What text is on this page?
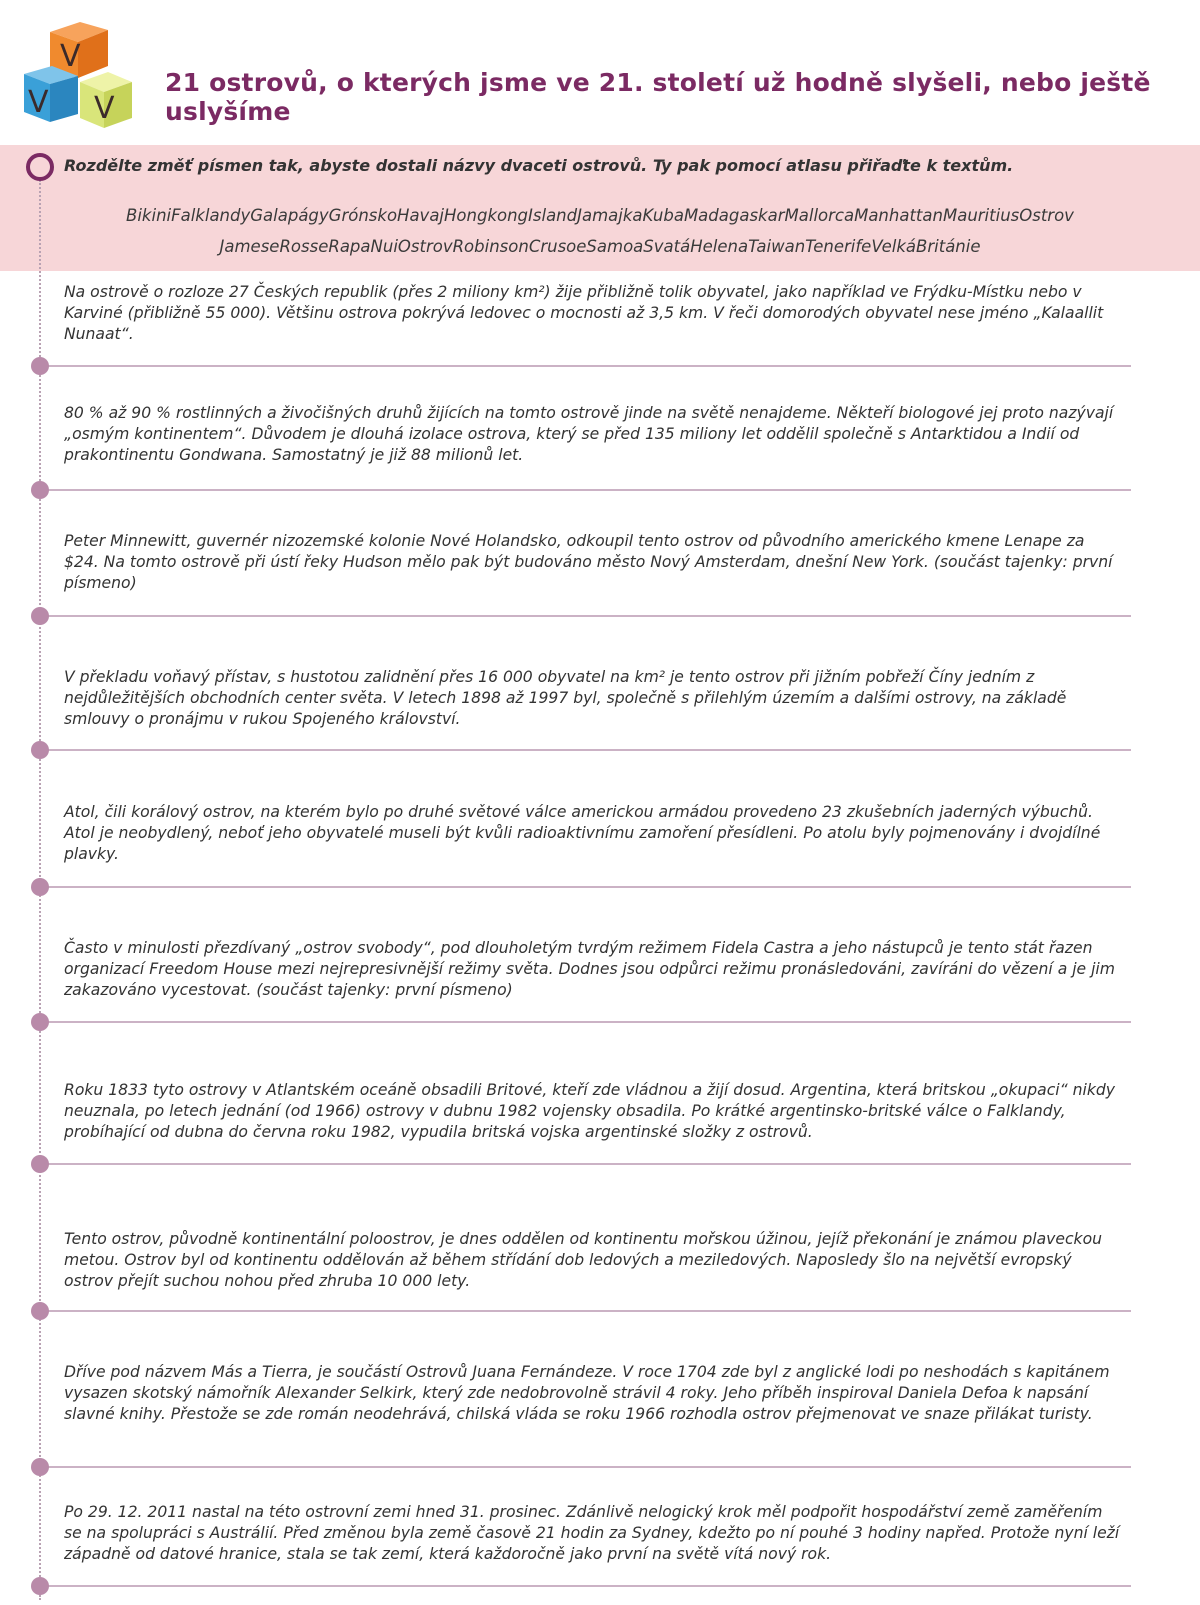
V
V V
21 ostrovů, o kterých jsme ve 21. století už hodně slyšeli, nebo ještě uslyšíme

Rozdělte změť písmen tak, abyste dostali názvy dvaceti ostrovů. Ty pak pomocí atlasu přiřaďte k textům.

BikiniFalklandyGalapágyGrónskoHavajHongkongIslandJamajkaKubaMadagaskarMallorcaManhattanMauritiusOstrov
JameseRosseRapaNuiOstrovRobinsonCrusoeSamoaSvatáHelenaTaiwanTenerifeVelkáBritánie

Na ostrově o rozloze 27 Českých republik (přes 2 miliony km²) žije přibližně tolik obyvatel, jako například ve Frýdku-Místku nebo v Karviné (přibližně 55 000). Většinu ostrova pokrývá ledovec o mocnosti až 3,5 km. V řeči domorodých obyvatel nese jméno „Kalaallit Nunaat“.

80 % až 90 % rostlinných a živočišných druhů žijících na tomto ostrově jinde na světě nenajdeme. Někteří biologové jej proto nazývají „osmým kontinentem“. Důvodem je dlouhá izolace ostrova, který se před 135 miliony let oddělil společně s Antarktidou a Indií od prakontinentu Gondwana. Samostatný je již 88 milionů let.

Peter Minnewitt, guvernér nizozemské kolonie Nové Holandsko, odkoupil tento ostrov od původního amerického kmene Lenape za $24. Na tomto ostrově při ústí řeky Hudson mělo pak být budováno město Nový Amsterdam, dnešní New York. (součást tajenky: první písmeno)

V překladu voňavý přístav, s hustotou zalidnění přes 16 000 obyvatel na km² je tento ostrov při jižním pobřeží Číny jedním z nejdůležitějších obchodních center světa. V letech 1898 až 1997 byl, společně s přilehlým územím a dalšími ostrovy, na základě smlouvy o pronájmu v rukou Spojeného království.

Atol, čili korálový ostrov, na kterém bylo po druhé světové válce americkou armádou provedeno 23 zkušebních jaderných výbuchů. Atol je neobydlený, neboť jeho obyvatelé museli být kvůli radioaktivnímu zamoření přesídleni. Po atolu byly pojmenovány i dvojdílné plavky.

Často v minulosti přezdívaný „ostrov svobody“, pod dlouholetým tvrdým režimem Fidela Castra a jeho nástupců je tento stát řazen organizací Freedom House mezi nejrepresivnější režimy světa. Dodnes jsou odpůrci režimu pronásledováni, zavíráni do vězení a je jim zakazováno vycestovat. (součást tajenky: první písmeno)

Roku 1833 tyto ostrovy v Atlantském oceáně obsadili Britové, kteří zde vládnou a žijí dosud. Argentina, která britskou „okupaci“ nikdy neuznala, po letech jednání (od 1966) ostrovy v dubnu 1982 vojensky obsadila. Po krátké argentinsko-britské válce o Falklandy, probíhající od dubna do června roku 1982, vypudila britská vojska argentinské složky z ostrovů.

Tento ostrov, původně kontinentální poloostrov, je dnes oddělen od kontinentu mořskou úžinou, jejíž překonání je známou plaveckou metou. Ostrov byl od kontinentu oddělován až během střídání dob ledových a meziledových. Naposledy šlo na největší evropský ostrov přejít suchou nohou před zhruba 10 000 lety.

Dříve pod názvem Más a Tierra, je součástí Ostrovů Juana Fernándeze. V roce 1704 zde byl z anglické lodi po neshodách s kapitánem vysazen skotský námořník Alexander Selkirk, který zde nedobrovolně strávil 4 roky. Jeho příběh inspiroval Daniela Defoa k napsání slavné knihy. Přestože se zde román neodehrává, chilská vláda se roku 1966 rozhodla ostrov přejmenovat ve snaze přilákat turisty.

Po 29. 12. 2011 nastal na této ostrovní zemi hned 31. prosinec. Zdánlivě nelogický krok měl podpořit hospodářství země zaměřením se na spolupráci s Austrálií. Před změnou byla země časově 21 hodin za Sydney, kdežto po ní pouhé 3 hodiny napřed. Protože nyní leží západně od datové hranice, stala se tak zemí, která každoročně jako první na světě vítá nový rok.
